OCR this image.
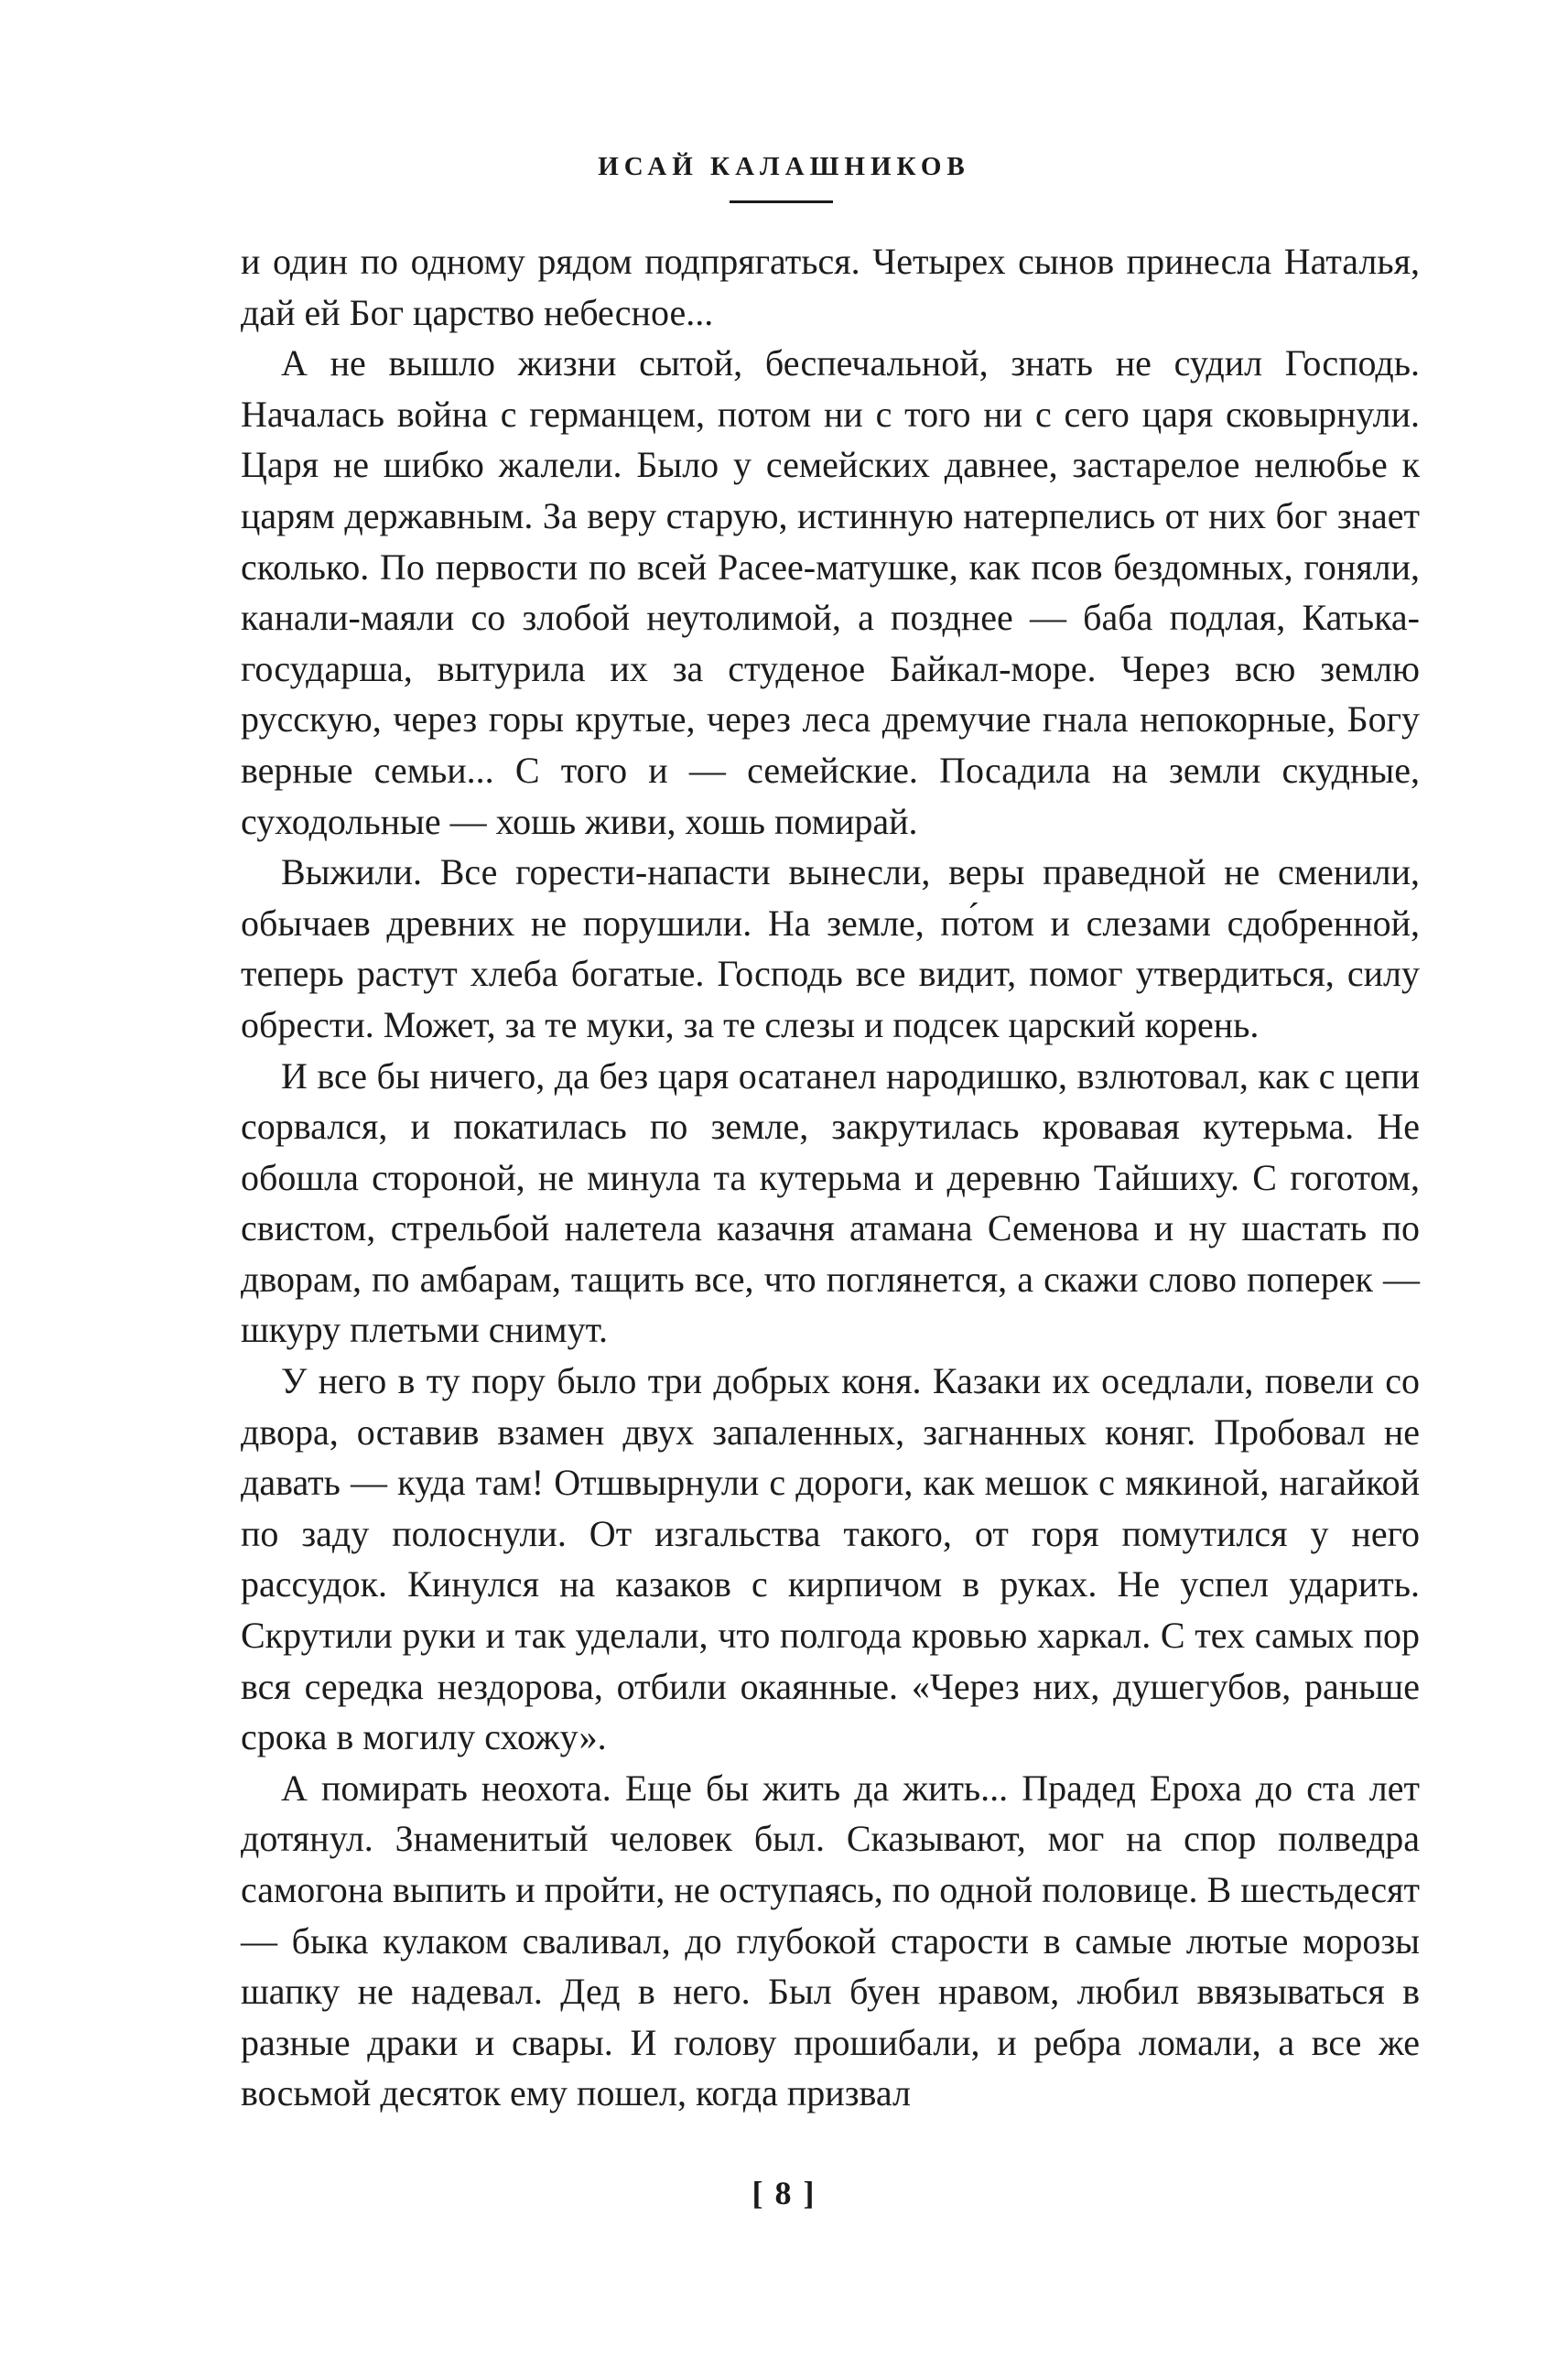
ИСАЙ КАЛАШНИКОВ

и один по одному рядом подпрягаться. Четырех сынов принесла Наталья, дай ей Бог царство небесное...

А не вышло жизни сытой, беспечальной, знать не судил Господь. Началась война с германцем, потом ни с того ни с сего царя сковырнули. Царя не шибко жалели. Было у семейских давнее, застарелое нелюбье к царям державным. За веру старую, истинную натерпелись от них бог знает сколько. По первости по всей Расее-матушке, как псов бездомных, гоняли, канали-маяли со злобой неутолимой, а позднее — баба подлая, Катька-государша, вытурила их за студеное Байкал-море. Через всю землю русскую, через горы крутые, через леса дремучие гнала непокорные, Богу верные семьи... С того и — семейские. Посадила на земли скудные, суходольные — хошь живи, хошь помирай.

Выжили. Все горести-напасти вынесли, веры праведной не сменили, обычаев древних не порушили. На земле, по́том и слезами сдобренной, теперь растут хлеба богатые. Господь все видит, помог утвердиться, силу обрести. Может, за те муки, за те слезы и подсек царский корень.

И все бы ничего, да без царя осатанел народишко, взлютовал, как с цепи сорвался, и покатилась по земле, закрутилась кровавая кутерьма. Не обошла стороной, не минула та кутерьма и деревню Тайшиху. С гоготом, свистом, стрельбой налетела казачня атамана Семенова и ну шастать по дворам, по амбарам, тащить все, что поглянется, а скажи слово поперек — шкуру плетьми снимут.

У него в ту пору было три добрых коня. Казаки их оседлали, повели со двора, оставив взамен двух запаленных, загнанных коняг. Пробовал не давать — куда там! Отшвырнули с дороги, как мешок с мякиной, нагайкой по заду полоснули. От изгальства такого, от горя помутился у него рассудок. Кинулся на казаков с кирпичом в руках. Не успел ударить. Скрутили руки и так уделали, что полгода кровью харкал. С тех самых пор вся середка нездорова, отбили окаянные. «Через них, душегубов, раньше срока в могилу схожу».

А помирать неохота. Еще бы жить да жить... Прадед Ероха до ста лет дотянул. Знаменитый человек был. Сказывают, мог на спор полведра самогона выпить и пройти, не оступаясь, по одной половице. В шестьдесят — быка кулаком сваливал, до глубокой старости в самые лютые морозы шапку не надевал. Дед в него. Был буен нравом, любил ввязываться в разные драки и свары. И голову прошибали, и ребра ломали, а все же восьмой десяток ему пошел, когда призвал

[ 8 ]
